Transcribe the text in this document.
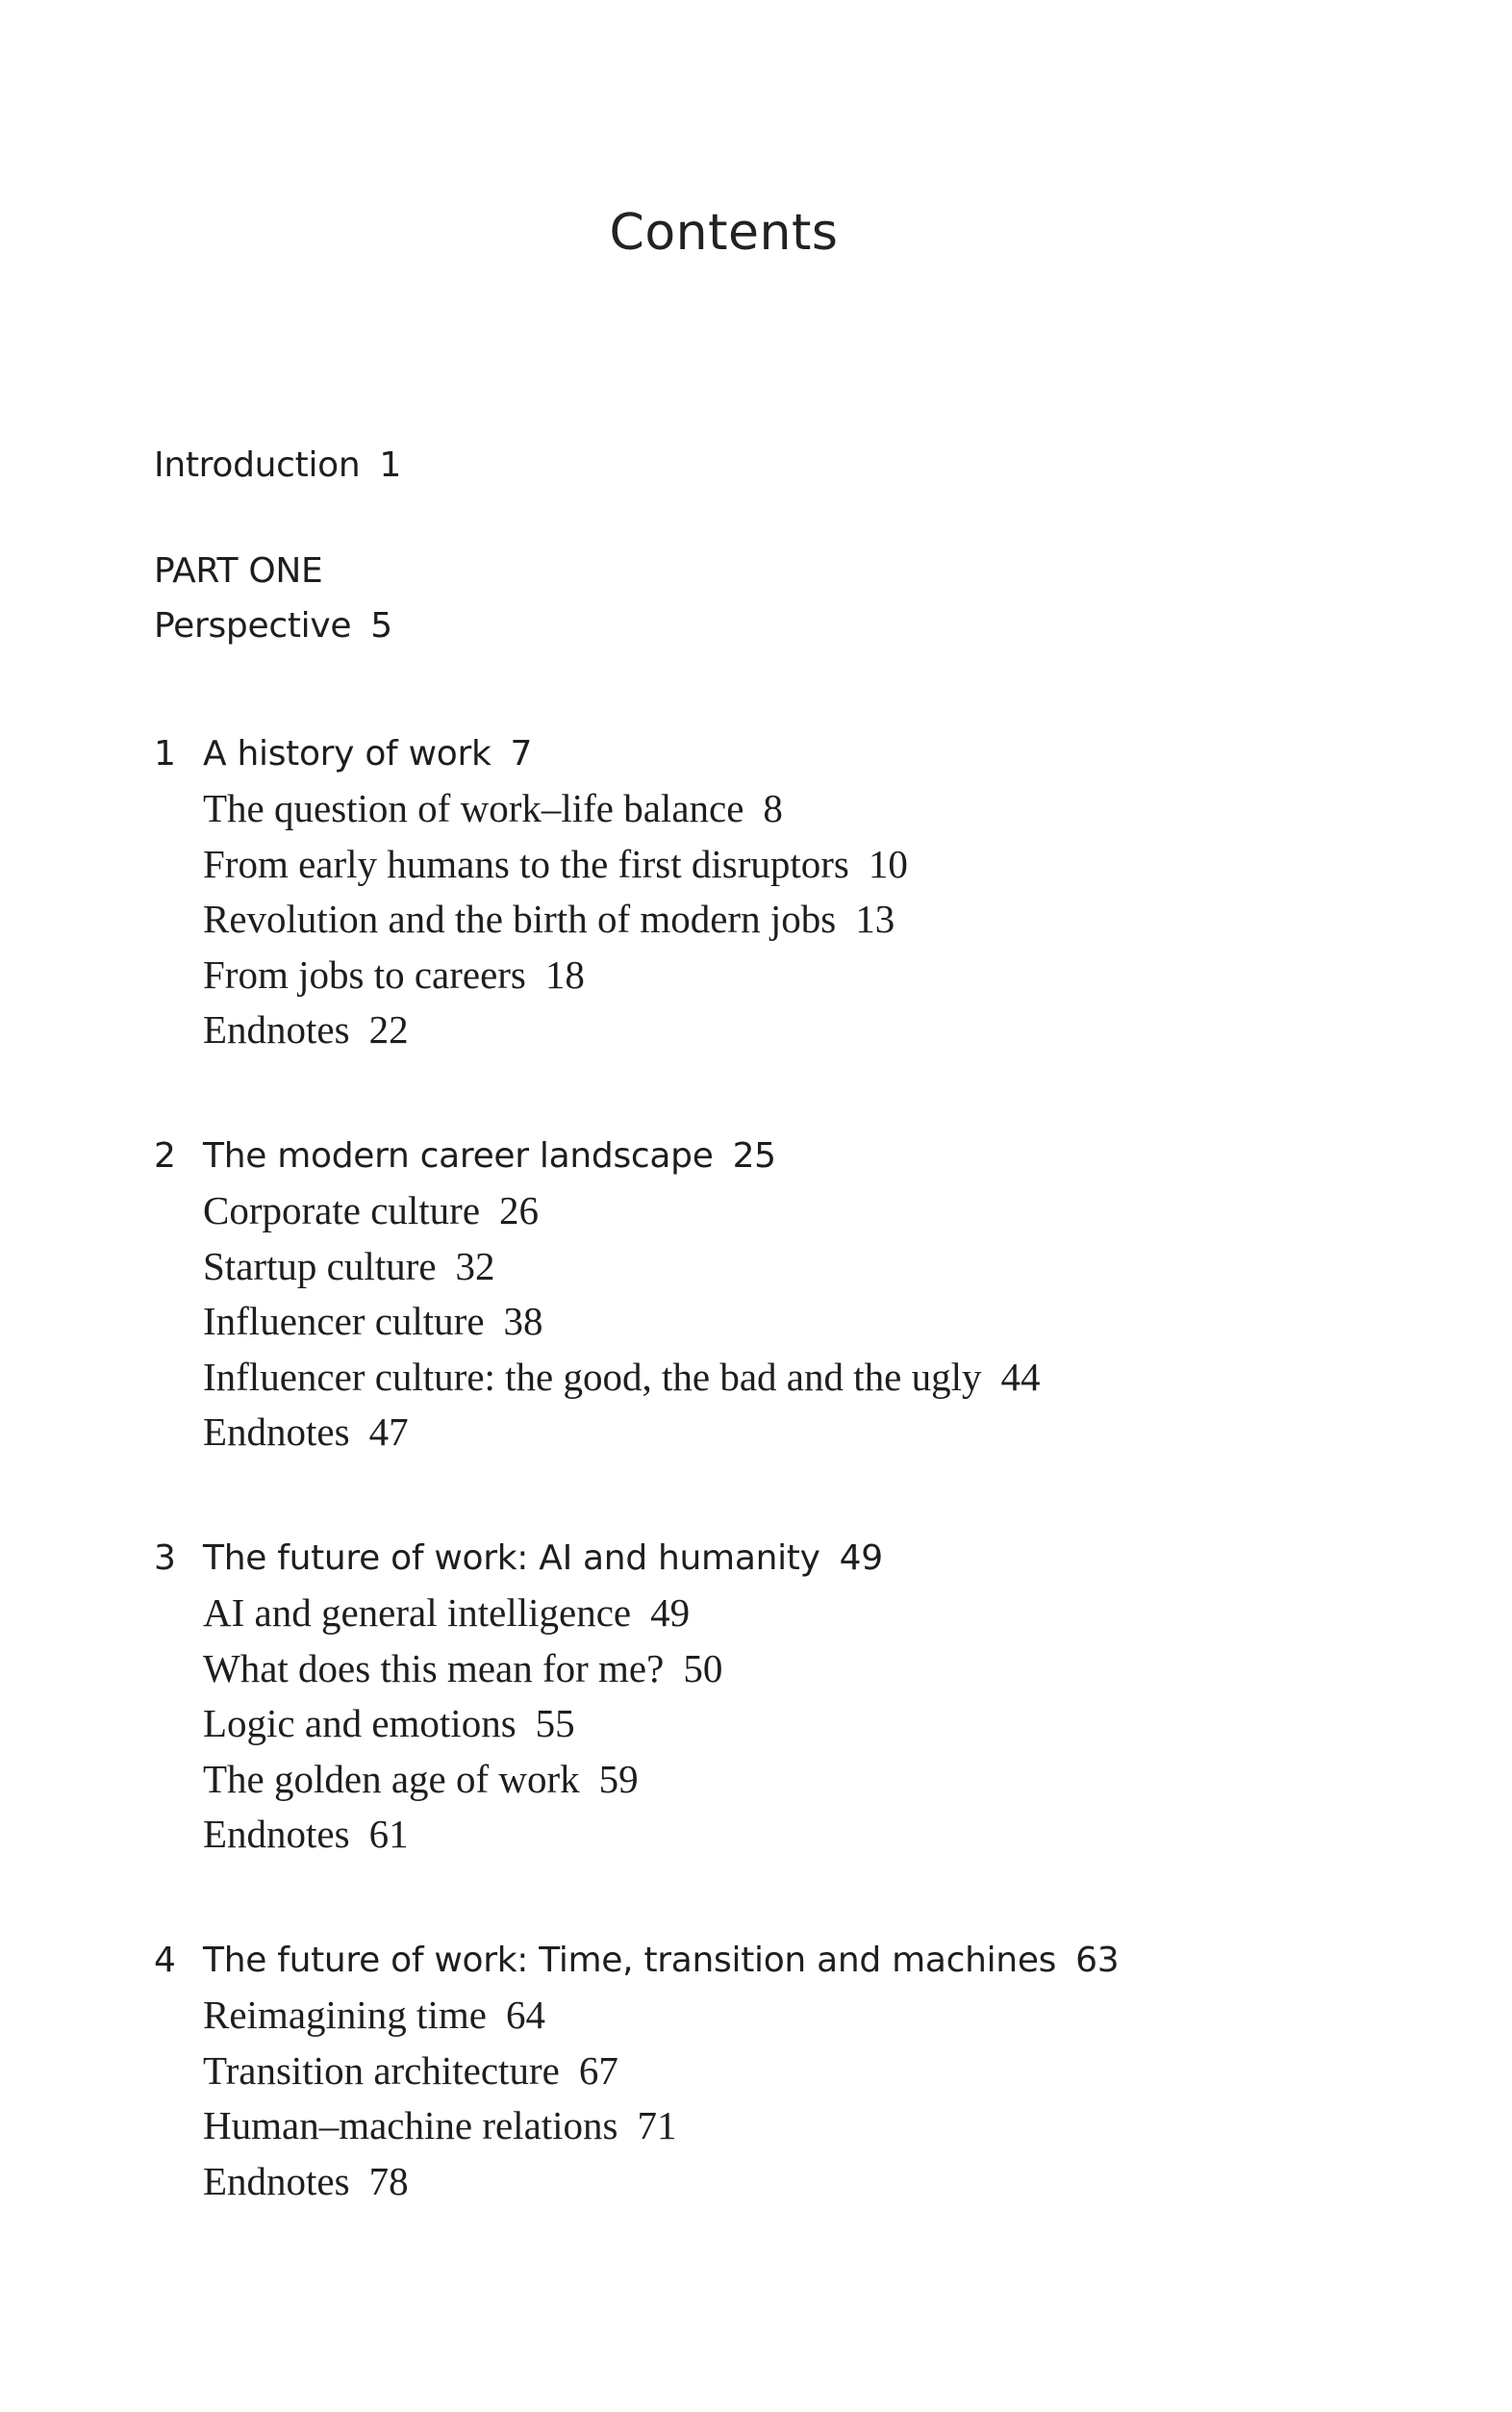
Contents
Introduction 1
PART ONE
Perspective 5
1 A history of work 7
The question of work–life balance 8
From early humans to the first disruptors 10
Revolution and the birth of modern jobs 13
From jobs to careers 18
Endnotes 22
2 The modern career landscape 25
Corporate culture 26
Startup culture 32
Influencer culture 38
Influencer culture: the good, the bad and the ugly 44
Endnotes 47
3 The future of work: AI and humanity 49
AI and general intelligence 49
What does this mean for me? 50
Logic and emotions 55
The golden age of work 59
Endnotes 61
4 The future of work: Time, transition and machines 63
Reimagining time 64
Transition architecture 67
Human–machine relations 71
Endnotes 78
